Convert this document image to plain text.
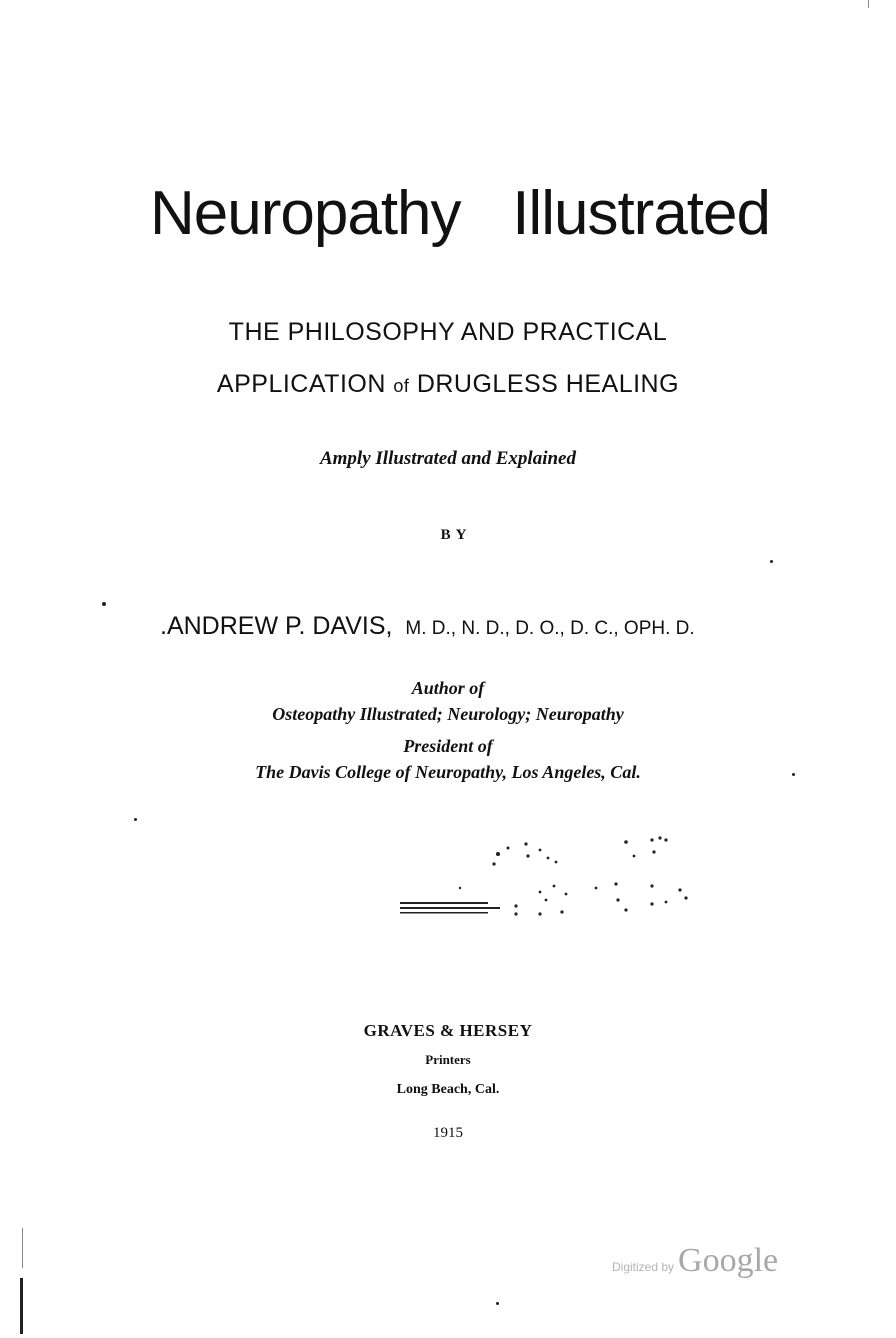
Neuropathy Illustrated
THE PHILOSOPHY AND PRACTICAL
APPLICATION of DRUGLESS HEALING
Amply Illustrated and Explained
BY
.ANDREW P. DAVIS, M. D., N. D., D. O., D. C., OPH. D.
Author of
Osteopathy Illustrated; Neurology; Neuropathy
President of
The Davis College of Neuropathy, Los Angeles, Cal.
GRAVES & HERSEY
Printers
Long Beach, Cal.
1915
Digitized by Google
